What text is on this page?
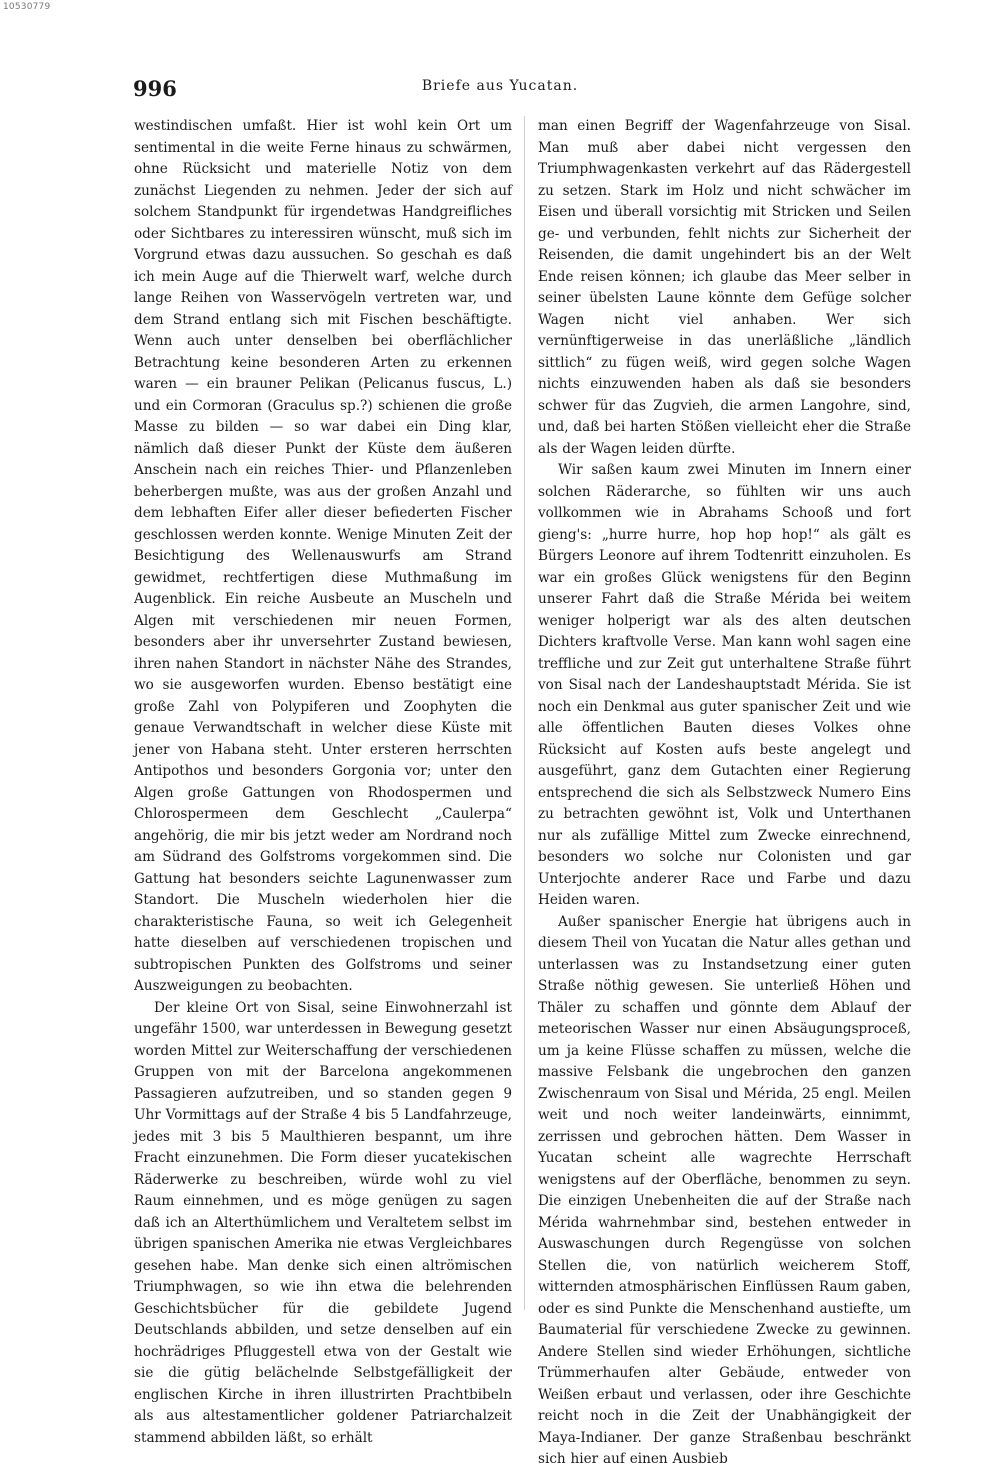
10530779
996	Briefe aus Yucatan.

westindischen umfaßt. Hier ist wohl kein Ort um sentimental in die weite Ferne hinaus zu schwärmen, ohne Rücksicht und materielle Notiz von dem zunächst Liegenden zu nehmen. Jeder der sich auf solchem Standpunkt für irgendetwas Handgreifliches oder Sichtbares zu interessiren wünscht, muß sich im Vorgrund etwas dazu aussuchen. So geschah es daß ich mein Auge auf die Thierwelt warf, welche durch lange Reihen von Wasservögeln vertreten war, und dem Strand entlang sich mit Fischen beschäftigte. Wenn auch unter denselben bei oberflächlicher Betrachtung keine besonderen Arten zu erkennen waren — ein brauner Pelikan (Pelicanus fuscus, L.) und ein Cormoran (Graculus sp.?) schienen die große Masse zu bilden — so war dabei ein Ding klar, nämlich daß dieser Punkt der Küste dem äußeren Anschein nach ein reiches Thier- und Pflanzenleben beherbergen mußte, was aus der großen Anzahl und dem lebhaften Eifer aller dieser befiederten Fischer geschlossen werden konnte. Wenige Minuten Zeit der Besichtigung des Wellenauswurfs am Strand gewidmet, rechtfertigen diese Muthmaßung im Augenblick. Ein reiche Ausbeute an Muscheln und Algen mit verschiedenen mir neuen Formen, besonders aber ihr unversehrter Zustand bewiesen, ihren nahen Standort in nächster Nähe des Strandes, wo sie ausgeworfen wurden. Ebenso bestätigt eine große Zahl von Polypiferen und Zoophyten die genaue Verwandtschaft in welcher diese Küste mit jener von Habana steht. Unter ersteren herrschten Antipothos und besonders Gorgonia vor; unter den Algen große Gattungen von Rhodospermen und Chlorospermeen dem Geschlecht „Caulerpa“ angehörig, die mir bis jetzt weder am Nordrand noch am Südrand des Golfstroms vorgekommen sind. Die Gattung hat besonders seichte Lagunenwasser zum Standort. Die Muscheln wiederholen hier die charakteristische Fauna, so weit ich Gelegenheit hatte dieselben auf verschiedenen tropischen und subtropischen Punkten des Golfstroms und seiner Auszweigungen zu beobachten.

Der kleine Ort von Sisal, seine Einwohnerzahl ist ungefähr 1500, war unterdessen in Bewegung gesetzt worden Mittel zur Weiterschaffung der verschiedenen Gruppen von mit der Barcelona angekommenen Passagieren aufzutreiben, und so standen gegen 9 Uhr Vormittags auf der Straße 4 bis 5 Landfahrzeuge, jedes mit 3 bis 5 Maulthieren bespannt, um ihre Fracht einzunehmen. Die Form dieser yucatekischen Räderwerke zu beschreiben, würde wohl zu viel Raum einnehmen, und es möge genügen zu sagen daß ich an Alterthümlichem und Veraltetem selbst im übrigen spanischen Amerika nie etwas Vergleichbares gesehen habe. Man denke sich einen altrömischen Triumphwagen, so wie ihn etwa die belehrenden Geschichtsbücher für die gebildete Jugend Deutschlands abbilden, und setze denselben auf ein hochrädriges Pfluggestell etwa von der Gestalt wie sie die gütig belächelnde Selbstgefälligkeit der englischen Kirche in ihren illustrirten Prachtbibeln als aus altestamentlicher goldener Patriarchalzeit stammend abbilden läßt, so erhält

man einen Begriff der Wagenfahrzeuge von Sisal. Man muß aber dabei nicht vergessen den Triumphwagenkasten verkehrt auf das Rädergestell zu setzen. Stark im Holz und nicht schwächer im Eisen und überall vorsichtig mit Stricken und Seilen ge- und verbunden, fehlt nichts zur Sicherheit der Reisenden, die damit ungehindert bis an der Welt Ende reisen können; ich glaube das Meer selber in seiner übelsten Laune könnte dem Gefüge solcher Wagen nicht viel anhaben. Wer sich vernünftigerweise in das unerläßliche „ländlich sittlich“ zu fügen weiß, wird gegen solche Wagen nichts einzuwenden haben als daß sie besonders schwer für das Zugvieh, die armen Langohre, sind, und, daß bei harten Stößen vielleicht eher die Straße als der Wagen leiden dürfte.

Wir saßen kaum zwei Minuten im Innern einer solchen Räderarche, so fühlten wir uns auch vollkommen wie in Abrahams Schooß und fort gieng's: „hurre hurre, hop hop hop!“ als gält es Bürgers Leonore auf ihrem Todtenritt einzuholen. Es war ein großes Glück wenigstens für den Beginn unserer Fahrt daß die Straße Mérida bei weitem weniger holperigt war als des alten deutschen Dichters kraftvolle Verse. Man kann wohl sagen eine treffliche und zur Zeit gut unterhaltene Straße führt von Sisal nach der Landeshauptstadt Mérida. Sie ist noch ein Denkmal aus guter spanischer Zeit und wie alle öffentlichen Bauten dieses Volkes ohne Rücksicht auf Kosten aufs beste angelegt und ausgeführt, ganz dem Gutachten einer Regierung entsprechend die sich als Selbstzweck Numero Eins zu betrachten gewöhnt ist, Volk und Unterthanen nur als zufällige Mittel zum Zwecke einrechnend, besonders wo solche nur Colonisten und gar Unterjochte anderer Race und Farbe und dazu Heiden waren.

Außer spanischer Energie hat übrigens auch in diesem Theil von Yucatan die Natur alles gethan und unterlassen was zu Instandsetzung einer guten Straße nöthig gewesen. Sie unterließ Höhen und Thäler zu schaffen und gönnte dem Ablauf der meteorischen Wasser nur einen Absäugungsproceß, um ja keine Flüsse schaffen zu müssen, welche die massive Felsbank die ungebrochen den ganzen Zwischenraum von Sisal und Mérida, 25 engl. Meilen weit und noch weiter landeinwärts, einnimmt, zerrissen und gebrochen hätten. Dem Wasser in Yucatan scheint alle wagrechte Herrschaft wenigstens auf der Oberfläche, benommen zu seyn. Die einzigen Unebenheiten die auf der Straße nach Mérida wahrnehmbar sind, bestehen entweder in Auswaschungen durch Regengüsse von solchen Stellen die, von natürlich weicherem Stoff, witternden atmosphärischen Einflüssen Raum gaben, oder es sind Punkte die Menschenhand austiefte, um Baumaterial für verschiedene Zwecke zu gewinnen. Andere Stellen sind wieder Erhöhungen, sichtliche Trümmerhaufen alter Gebäude, entweder von Weißen erbaut und verlassen, oder ihre Geschichte reicht noch in die Zeit der Unabhängigkeit der Maya-Indianer. Der ganze Straßenbau beschränkt sich hier auf einen Ausbieb
